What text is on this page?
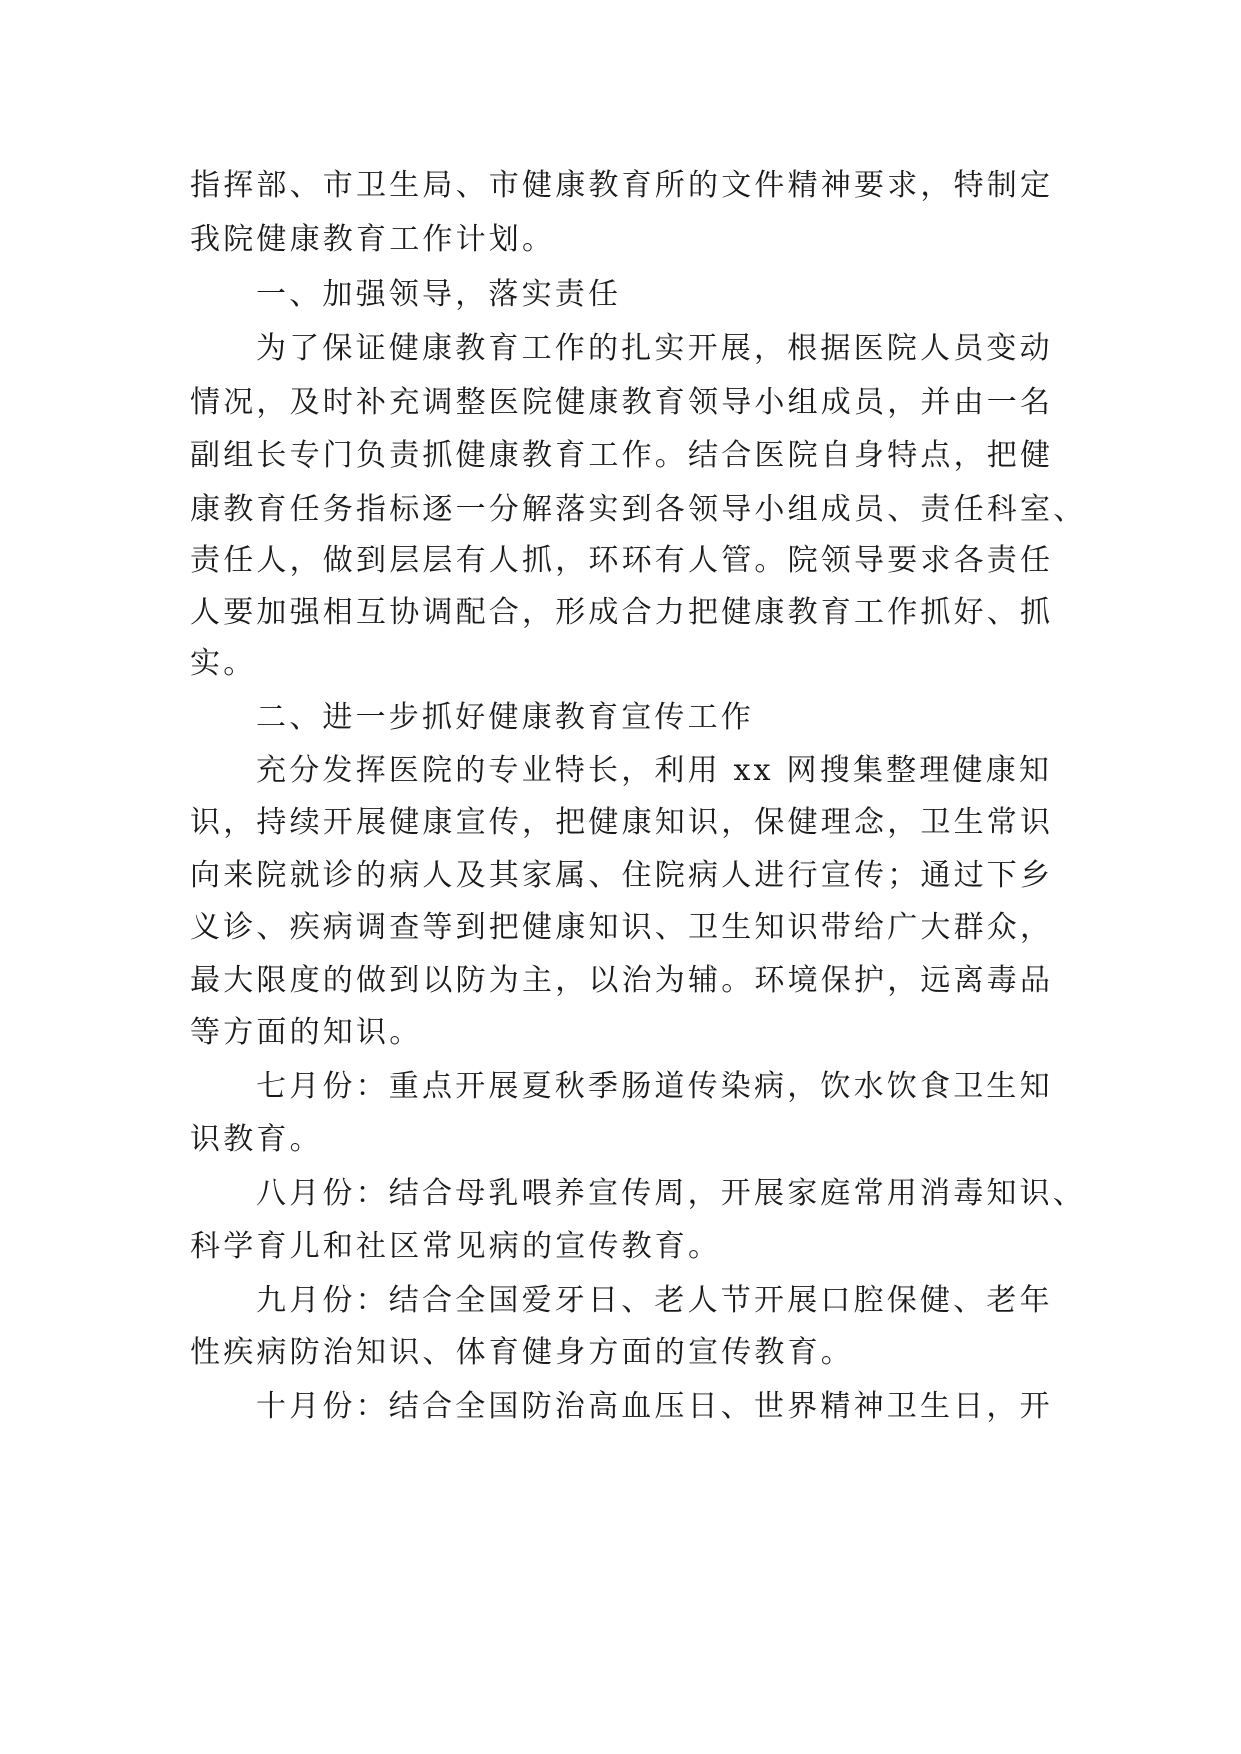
指挥部、市卫生局、市健康教育所的文件精神要求，特制定
我院健康教育工作计划。
一、加强领导，落实责任
为了保证健康教育工作的扎实开展，根据医院人员变动
情况，及时补充调整医院健康教育领导小组成员，并由一名
副组长专门负责抓健康教育工作。结合医院自身特点，把健
康教育任务指标逐一分解落实到各领导小组成员、责任科室、
责任人，做到层层有人抓，环环有人管。院领导要求各责任
人要加强相互协调配合，形成合力把健康教育工作抓好、抓
实。
二、进一步抓好健康教育宣传工作
充分发挥医院的专业特长，利用 xx 网搜集整理健康知
识，持续开展健康宣传，把健康知识，保健理念，卫生常识
向来院就诊的病人及其家属、住院病人进行宣传；通过下乡
义诊、疾病调查等到把健康知识、卫生知识带给广大群众，
最大限度的做到以防为主，以治为辅。环境保护，远离毒品
等方面的知识。
七月份：重点开展夏秋季肠道传染病，饮水饮食卫生知
识教育。
八月份：结合母乳喂养宣传周，开展家庭常用消毒知识、
科学育儿和社区常见病的宣传教育。
九月份：结合全国爱牙日、老人节开展口腔保健、老年
性疾病防治知识、体育健身方面的宣传教育。
十月份：结合全国防治高血压日、世界精神卫生日，开
